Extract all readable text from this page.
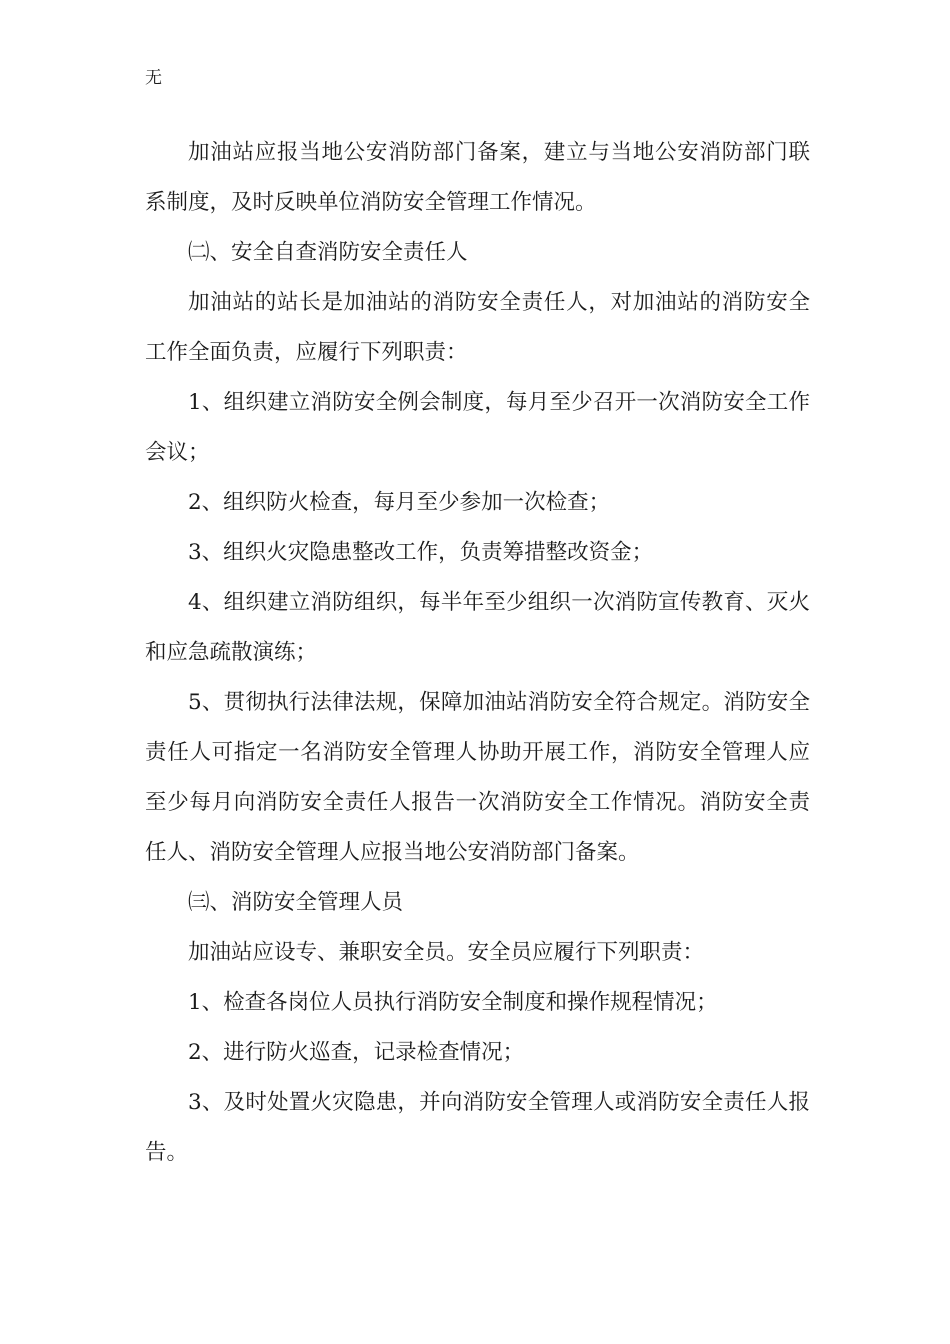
无

加油站应报当地公安消防部门备案，建立与当地公安消防部门联系制度，及时反映单位消防安全管理工作情况。

㈡、安全自查消防安全责任人

加油站的站长是加油站的消防安全责任人，对加油站的消防安全工作全面负责，应履行下列职责：

1、组织建立消防安全例会制度，每月至少召开一次消防安全工作会议；

2、组织防火检查，每月至少参加一次检查；

3、组织火灾隐患整改工作，负责筹措整改资金；

4、组织建立消防组织，每半年至少组织一次消防宣传教育、灭火和应急疏散演练；

5、贯彻执行法律法规，保障加油站消防安全符合规定。消防安全责任人可指定一名消防安全管理人协助开展工作，消防安全管理人应至少每月向消防安全责任人报告一次消防安全工作情况。消防安全责任人、消防安全管理人应报当地公安消防部门备案。

㈢、消防安全管理人员

加油站应设专、兼职安全员。安全员应履行下列职责：

1、检查各岗位人员执行消防安全制度和操作规程情况；

2、进行防火巡查，记录检查情况；

3、及时处置火灾隐患，并向消防安全管理人或消防安全责任人报告。
